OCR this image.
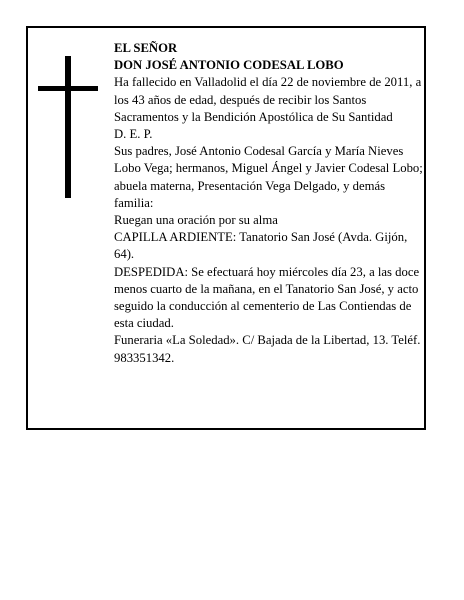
EL SEÑOR

DON JOSÉ ANTONIO CODESAL LOBO

Ha fallecido en Valladolid el día 22 de noviembre de 2011, a los 43 años de edad, después de recibir los Santos Sacramentos y la Bendición Apostólica de Su Santidad

D. E. P.

Sus padres, José Antonio Codesal García y María Nieves Lobo Vega; hermanos, Miguel Ángel y Javier Codesal Lobo; abuela materna, Presentación Vega Delgado, y demás familia:

Ruegan una oración por su alma

CAPILLA ARDIENTE: Tanatorio San José (Avda. Gijón, 64).

DESPEDIDA: Se efectuará hoy miércoles día 23, a las doce menos cuarto de la mañana, en el Tanatorio San José, y acto seguido la conducción al cementerio de Las Contiendas de esta ciudad.

Funeraria «La Soledad». C/ Bajada de la Libertad, 13. Teléf. 983351342.
